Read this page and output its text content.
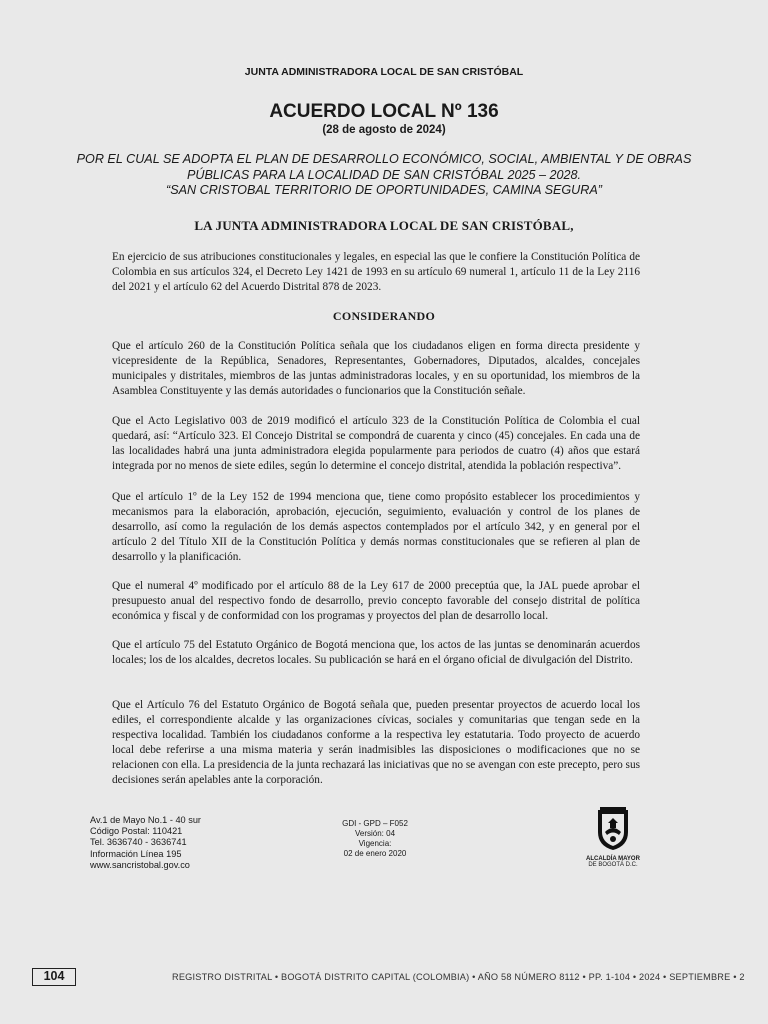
JUNTA ADMINISTRADORA LOCAL DE SAN CRISTÓBAL
ACUERDO LOCAL Nº 136
(28 de agosto de 2024)
POR EL CUAL SE ADOPTA EL PLAN DE DESARROLLO ECONÓMICO, SOCIAL, AMBIENTAL Y DE OBRAS
PÚBLICAS PARA LA LOCALIDAD DE SAN CRISTÓBAL 2025 – 2028.
“SAN CRISTOBAL TERRITORIO DE OPORTUNIDADES, CAMINA SEGURA”
LA JUNTA ADMINISTRADORA LOCAL DE SAN CRISTÓBAL,

En ejercicio de sus atribuciones constitucionales y legales, en especial las que le confiere la Constitución Política de Colombia en sus artículos 324, el Decreto Ley 1421 de 1993 en su artículo 69 numeral 1, artículo 11 de la Ley 2116 del 2021 y el artículo 62 del Acuerdo Distrital 878 de 2023.

CONSIDERANDO

Que el artículo 260 de la Constitución Política señala que los ciudadanos eligen en forma directa presidente y vicepresidente de la República, Senadores, Representantes, Gobernadores, Diputados, alcaldes, concejales municipales y distritales, miembros de las juntas administradoras locales, y en su oportunidad, los miembros de la Asamblea Constituyente y las demás autoridades o funcionarios que la Constitución señale.

Que el Acto Legislativo 003 de 2019 modificó el artículo 323 de la Constitución Política de Colombia el cual quedará, así: “Artículo 323. El Concejo Distrital se compondrá de cuarenta y cinco (45) concejales. En cada una de las localidades habrá una junta administradora elegida popularmente para periodos de cuatro (4) años que estará integrada por no menos de siete ediles, según lo determine el concejo distrital, atendida la población respectiva”.

Que el artículo 1º de la Ley 152 de 1994 menciona que, tiene como propósito establecer los procedimientos y mecanismos para la elaboración, aprobación, ejecución, seguimiento, evaluación y control de los planes de desarrollo, así como la regulación de los demás aspectos contemplados por el artículo 342, y en general por el artículo 2 del Título XII de la Constitución Política y demás normas constitucionales que se refieren al plan de desarrollo y la planificación.

Que el numeral 4º modificado por el artículo 88 de la Ley 617 de 2000 preceptúa que, la JAL puede aprobar el presupuesto anual del respectivo fondo de desarrollo, previo concepto favorable del consejo distrital de política económica y fiscal y de conformidad con los programas y proyectos del plan de desarrollo local.

Que el artículo 75 del Estatuto Orgánico de Bogotá menciona que, los actos de las juntas se denominarán acuerdos locales; los de los alcaldes, decretos locales. Su publicación se hará en el órgano oficial de divulgación del Distrito.

Que el Artículo 76 del Estatuto Orgánico de Bogotá señala que, pueden presentar proyectos de acuerdo local los ediles, el correspondiente alcalde y las organizaciones cívicas, sociales y comunitarias que tengan sede en la respectiva localidad. También los ciudadanos conforme a la respectiva ley estatutaria. Todo proyecto de acuerdo local debe referirse a una misma materia y serán inadmisibles las disposiciones o modificaciones que no se relacionen con ella. La presidencia de la junta rechazará las iniciativas que no se avengan con este precepto, pero sus decisiones serán apelables ante la corporación.

Av.1 de Mayo No.1 - 40 sur
Código Postal: 110421
Tel. 3636740 - 3636741
Información Línea 195
www.sancristobal.gov.co
GDI - GPD – F052
Versión: 04
Vigencia:
02 de enero 2020
ALCALDÍA MAYOR
DE BOGOTÁ D.C.
104	REGISTRO DISTRITAL • BOGOTÁ DISTRITO CAPITAL (COLOMBIA) • AÑO 58 NÚMERO 8112 • PP. 1-104 • 2024 • SEPTIEMBRE • 2
